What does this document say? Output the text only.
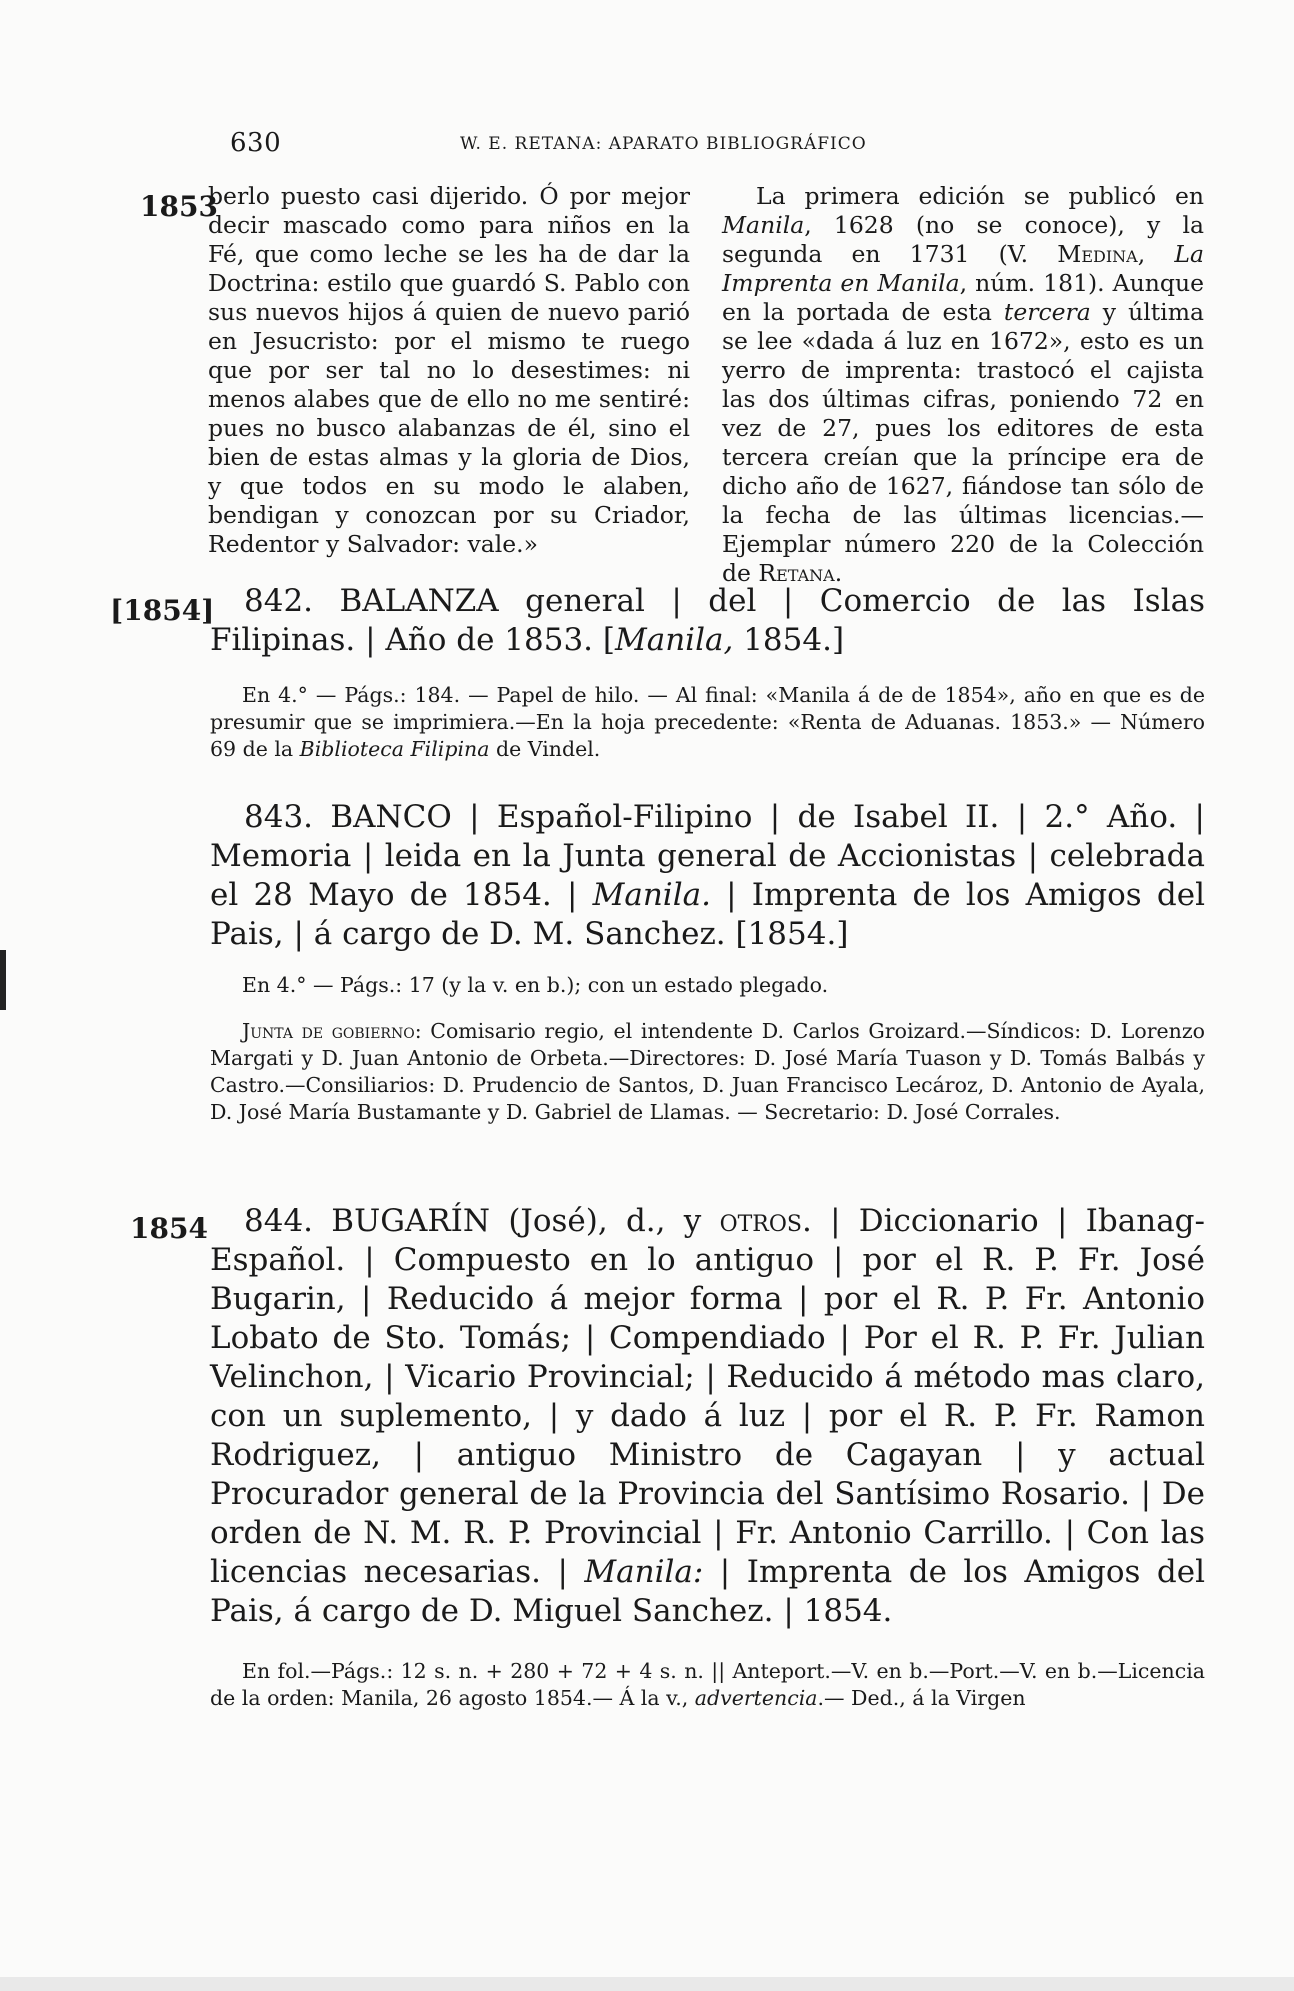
630	W. E. RETANA: APARATO BIBLIOGRÁFICO
1853
berlo puesto casi dijerido. Ó por mejor decir mascado como para niños en la Fé, que como leche se les ha de dar la Doctrina: estilo que guardó S. Pablo con sus nuevos hijos á quien de nuevo parió en Jesucristo: por el mismo te ruego que por ser tal no lo desestimes: ni menos alabes que de ello no me sentiré: pues no busco alabanzas de él, sino el bien de estas almas y la gloria de Dios, y que todos en su modo le alaben, bendigan y conozcan por su Criador, Redentor y Salvador: vale.»
La primera edición se publicó en Manila, 1628 (no se conoce), y la segunda en 1731 (V. Medina, La Imprenta en Manila, núm. 181). Aunque en la portada de esta tercera y última se lee «dada á luz en 1672», esto es un yerro de imprenta: trastocó el cajista las dos últimas cifras, poniendo 72 en vez de 27, pues los editores de esta tercera creían que la príncipe era de dicho año de 1627, fiándose tan sólo de la fecha de las últimas licencias.—Ejemplar número 220 de la Colección de Retana.
[1854] 842. BALANZA general | del | Comercio de las Islas Filipinas. | Año de 1853. [Manila, 1854.]
En 4.° — Págs.: 184. — Papel de hilo. — Al final: «Manila á de de 1854», año en que es de presumir que se imprimiera.—En la hoja precedente: «Renta de Aduanas. 1853.» — Número 69 de la Biblioteca Filipina de Vindel.
843. BANCO | Español-Filipino | de Isabel II. | 2.° Año. | Memoria | leida en la Junta general de Accionistas | celebrada el 28 Mayo de 1854. | Manila. | Imprenta de los Amigos del Pais, | á cargo de D. M. Sanchez. [1854.]
En 4.° — Págs.: 17 (y la v. en b.); con un estado plegado.
Junta de gobierno: Comisario regio, el intendente D. Carlos Groizard.—Síndicos: D. Lorenzo Margati y D. Juan Antonio de Orbeta.—Directores: D. José María Tuason y D. Tomás Balbás y Castro.—Consiliarios: D. Prudencio de Santos, D. Juan Francisco Lecároz, D. Antonio de Ayala, D. José María Bustamante y D. Gabriel de Llamas. — Secretario: D. José Corrales.
1854	844. BUGARÍN (José), d., y otros. | Diccionario | Ibanag-Español. | Compuesto en lo antiguo | por el R. P. Fr. José Bugarin, | Reducido á mejor forma | por el R. P. Fr. Antonio Lobato de Sto. Tomás; | Compendiado | Por el R. P. Fr. Julian Velinchon, | Vicario Provincial; | Reducido á método mas claro, con un suplemento, | y dado á luz | por el R. P. Fr. Ramon Rodriguez, | antiguo Ministro de Cagayan | y actual Procurador general de la Provincia del Santísimo Rosario. | De orden de N. M. R. P. Provincial | Fr. Antonio Carrillo. | Con las licencias necesarias. | Manila: | Imprenta de los Amigos del Pais, á cargo de D. Miguel Sanchez. | 1854.
En fol.—Págs.: 12 s. n. + 280 + 72 + 4 s. n. || Anteport.—V. en b.—Port.—V. en b.—Licencia de la orden: Manila, 26 agosto 1854.— Á la v., advertencia.— Ded., á la Virgen
